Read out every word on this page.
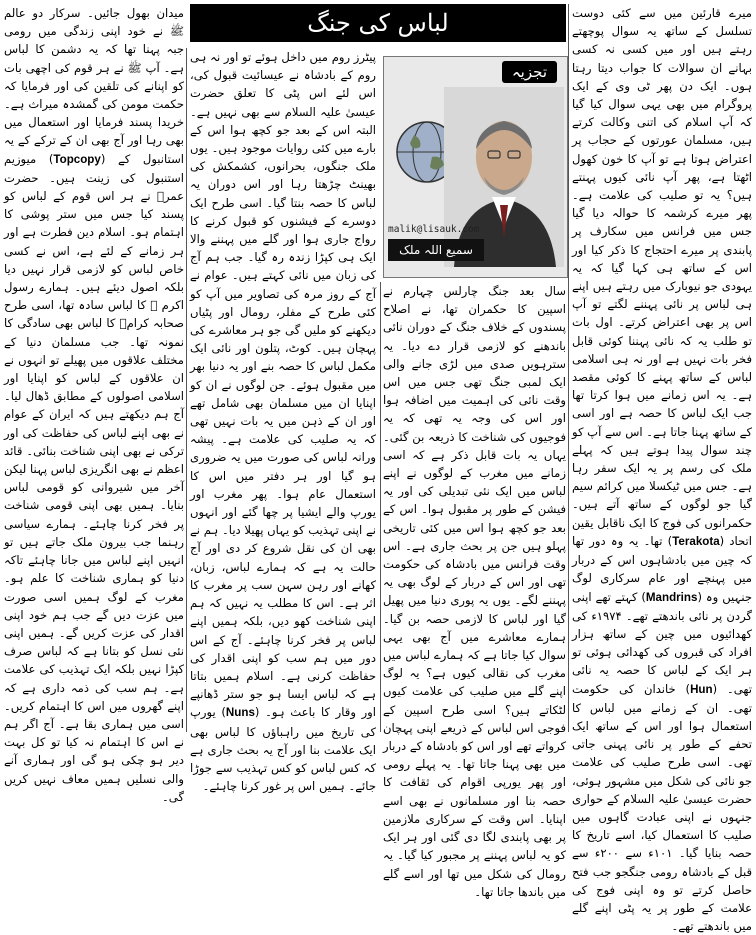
لباس کی جنگ
تجزیہ
malik@lisauk.com
سمیع اللہ ملک

میرے قارئین میں سے کئی دوست تسلسل کے ساتھ یہ سوال پوچھتے رہتے ہیں اور میں کسی نہ کسی بہانے ان سوالات کا جواب دیتا رہتا ہوں۔ ایک دن پھر ٹی وی کے ایک پروگرام میں بھی یہی سوال کیا گیا کہ آپ اسلام کی اتنی وکالت کرتے ہیں، مسلمان عورتوں کے حجاب پر اعتراض ہوتا ہے تو آپ کا خون کھول اٹھتا ہے، پھر آپ نائی کیوں پہنتے ہیں؟ یہ تو صلیب کی علامت ہے۔ پھر میرے کرشمہ کا حوالہ دیا گیا جس میں فرانس میں سکارف پر پابندی پر میرے احتجاج کا ذکر کیا اور اس کے ساتھ ہی کہا گیا کہ یہ یہودی جو نیوبارک میں رہتے ہیں اپنے ہی لباس پر نائی پہننے لگتے تو آپ اس پر بھی اعتراض کرتے۔ اول بات تو طلب یہ کہ نائی پہننا کوئی قابل فخر بات نہیں ہے اور نہ ہی اسلامی لباس کے ساتھ پہنے کا کوئی مقصد ہے۔ یہ اس زمانے میں ہوا کرتا تھا جب ایک لباس کا حصہ ہے اور اسی کے ساتھ پہنا جاتا ہے۔ اس سے آپ کو چند سوال پیدا ہوتے ہیں کہ پہلے ملک کی رسم پر یہ ایک سفر رہا ہے۔ جس میں ٹیکسلا میں کرائم سیم گیا جو لوگوں کے ساتھ آتے ہیں۔ حکمرانوں کی فوج کا ایک ناقابل یقین اتحاد (Terakota) تھا۔ یہ وہ دور تھا کہ چین میں بادشاہوں اس کے دربار میں پہنچے اور عام سرکاری لوگ جنہیں وہ (Mandrins) کہتے تھے اپنی گردن پر نائی باندھتے تھے۔ ۱۹۷۴ء کی کھدائیوں میں چین کے ساتھ ہزار افراد کی قبروں کی کھدائی ہوئی تو ہر ایک کے لباس کا حصہ یہ نائی تھی۔ (Hun) خاندان کی حکومت تھی۔ ان کے زمانے میں لباس کا استعمال ہوا اور اس کے ساتھ ایک تحفے کے طور پر نائی پہنی جاتی تھی۔ اسی طرح صلیب کی علامت جو نائی کی شکل میں مشہور ہوئی، حضرت عیسیٰ علیہ السلام کے حواری جنہوں نے اپنی عبادت گاہوں میں صلیب کا استعمال کیا، اسے تاریخ کا حصہ بنایا گیا۔ ۱۰۱ء سے ۲۰۰ء سے قبل کے بادشاہ رومی جنگجو جب فتح حاصل کرتے تو وہ اپنی فوج کی علامت کے طور پر یہ پٹی اپنے گلے میں باندھتے تھے۔

سال بعد جنگ چارلس چہارم نے اسپین کا حکمران تھا، نے اصلاح پسندوں کے خلاف جنگ کے دوران نائی باندھنے کو لازمی قرار دے دیا۔ یہ سترہویں صدی میں لڑی جانے والی ایک لمبی جنگ تھی جس میں اس وقت نائی کی اہمیت میں اضافہ ہوا اور اس کی وجہ یہ تھی کہ یہ فوجیوں کی شناخت کا ذریعہ بن گئی۔ یہاں یہ بات قابل ذکر ہے کہ اسی زمانے میں مغرب کے لوگوں نے اپنے لباس میں ایک نئی تبدیلی کی اور یہ فیشن کے طور پر مقبول ہوا۔ اس کے بعد جو کچھ ہوا اس میں کئی تاریخی پہلو ہیں جن پر بحث جاری ہے۔ اس وقت فرانس میں بادشاہ کی حکومت تھی اور اس کے دربار کے لوگ بھی یہ پہننے لگے۔ یوں یہ پوری دنیا میں پھیل گیا اور لباس کا لازمی حصہ بن گیا۔ ہمارے معاشرے میں آج بھی یہی سوال کیا جاتا ہے کہ ہمارے لباس میں مغرب کی نقالی کیوں ہے؟ یہ لوگ اپنے گلے میں صلیب کی علامت کیوں لٹکاتے ہیں؟ اسی طرح اسپین کے فوجی اس لباس کے ذریعے اپنی پہچان کرواتے تھے اور اس کو بادشاہ کے دربار میں بھی پہنا جاتا تھا۔ یہ پہلے رومی اور پھر یورپی اقوام کی ثقافت کا حصہ بنا اور مسلمانوں نے بھی اسے اپنایا۔ اس وقت کے سرکاری ملازمین پر بھی پابندی لگا دی گئی اور ہر ایک کو یہ لباس پہننے پر مجبور کیا گیا۔ یہ رومال کی شکل میں تھا اور اسے گلے میں باندھا جاتا تھا۔

پیٹرز روم میں داخل ہوئے تو اور نہ ہی روم کے بادشاہ نے عیسائیت قبول کی، اس لئے اس پٹی کا تعلق حضرت عیسیٰ علیہ السلام سے بھی نہیں ہے۔ البتہ اس کے بعد جو کچھ ہوا اس کے بارے میں کئی روایات موجود ہیں۔ یوں ملک جنگوں، بحرانوں، کشمکش کی بھینٹ چڑھتا رہا اور اس دوران یہ لباس کا حصہ بنتا گیا۔ اسی طرح ایک دوسرے کے فیشنوں کو قبول کرنے کا رواج جاری ہوا اور گلے میں پہننے والا ایک ہی کپڑا زندہ رہ گیا۔ جب ہم آج کی زبان میں نائی کہتے ہیں۔ عوام نے آج کے روز مرہ کی تصاویر میں آپ کو کئی طرح کے مفلر، رومال اور پٹیاں دیکھنے کو ملیں گی جو ہر معاشرے کی پہچان ہیں۔ کوٹ، پتلون اور نائی ایک مکمل لباس کا حصہ بنے اور یہ دنیا بھر میں مقبول ہوئے۔ جن لوگوں نے ان کو اپنایا ان میں مسلمان بھی شامل تھے اور ان کے ذہن میں یہ بات نہیں تھی کہ یہ صلیب کی علامت ہے۔ پیشہ ورانہ لباس کی صورت میں یہ ضروری ہو گیا اور ہر دفتر میں اس کا استعمال عام ہوا۔ پھر مغرب اور یورپ والے ایشیا پر چھا گئے اور انہوں نے اپنی تہذیب کو یہاں پھیلا دیا۔ ہم نے بھی ان کی نقل شروع کر دی اور آج حالت یہ ہے کہ ہمارے لباس، زبان، کھانے اور رہن سہن سب پر مغرب کا اثر ہے۔ اس کا مطلب یہ نہیں کہ ہم اپنی شناخت کھو دیں، بلکہ ہمیں اپنے لباس پر فخر کرنا چاہئے۔ آج کے اس دور میں ہم سب کو اپنی اقدار کی حفاظت کرنی ہے۔ اسلام ہمیں بتاتا ہے کہ لباس ایسا ہو جو ستر ڈھانپے اور وقار کا باعث ہو۔ (Nuns) یورپ کی تاریخ میں راہباؤں کا لباس بھی ایک علامت بنا اور آج یہ بحث جاری ہے کہ کس لباس کو کس تہذیب سے جوڑا جائے۔ ہمیں اس پر غور کرنا چاہئے۔

میدان بھول جائیں۔ سرکار دو عالم ﷺ نے خود اپنی زندگی میں رومی جبہ پہنا تھا کہ یہ دشمن کا لباس ہے۔ آپ ﷺ نے ہر قوم کی اچھی بات کو اپنانے کی تلقین کی اور فرمایا کہ حکمت مومن کی گمشدہ میراث ہے۔ خریدا پسند فرمایا اور استعمال میں بھی رہا اور آج بھی ان کے ترکے کے یہ استانبول کے (Topcopy) میوزیم استنبول کی زینت ہیں۔ حضرت عمرؓ نے ہر اس قوم کے لباس کو پسند کیا جس میں ستر پوشی کا اہتمام ہو۔ اسلام دین فطرت ہے اور ہر زمانے کے لئے ہے، اس نے کسی خاص لباس کو لازمی قرار نہیں دیا بلکہ اصول دیئے ہیں۔ ہمارے رسول اکرم ﷺ کا لباس سادہ تھا، اسی طرح صحابہ کرامؓ کا لباس بھی سادگی کا نمونہ تھا۔ جب مسلمان دنیا کے مختلف علاقوں میں پھیلے تو انہوں نے ان علاقوں کے لباس کو اپنایا اور اسلامی اصولوں کے مطابق ڈھال لیا۔ آج ہم دیکھتے ہیں کہ ایران کے عوام نے بھی اپنے لباس کی حفاظت کی اور ترکی نے بھی اپنی شناخت بنائی۔ قائد اعظم نے بھی انگریزی لباس پہنا لیکن آخر میں شیروانی کو قومی لباس بنایا۔ ہمیں بھی اپنی قومی شناخت پر فخر کرنا چاہئے۔ ہمارے سیاسی رہنما جب بیرون ملک جاتے ہیں تو انہیں اپنے لباس میں جانا چاہئے تاکہ دنیا کو ہماری شناخت کا علم ہو۔ مغرب کے لوگ ہمیں اسی صورت میں عزت دیں گے جب ہم خود اپنی اقدار کی عزت کریں گے۔ ہمیں اپنی نئی نسل کو بتانا ہے کہ لباس صرف کپڑا نہیں بلکہ ایک تہذیب کی علامت ہے۔ ہم سب کی ذمہ داری ہے کہ اپنے گھروں میں اس کا اہتمام کریں۔ اسی میں ہماری بقا ہے۔ آج اگر ہم نے اس کا اہتمام نہ کیا تو کل بہت دیر ہو چکی ہو گی اور ہماری آنے والی نسلیں ہمیں معاف نہیں کریں گی۔
